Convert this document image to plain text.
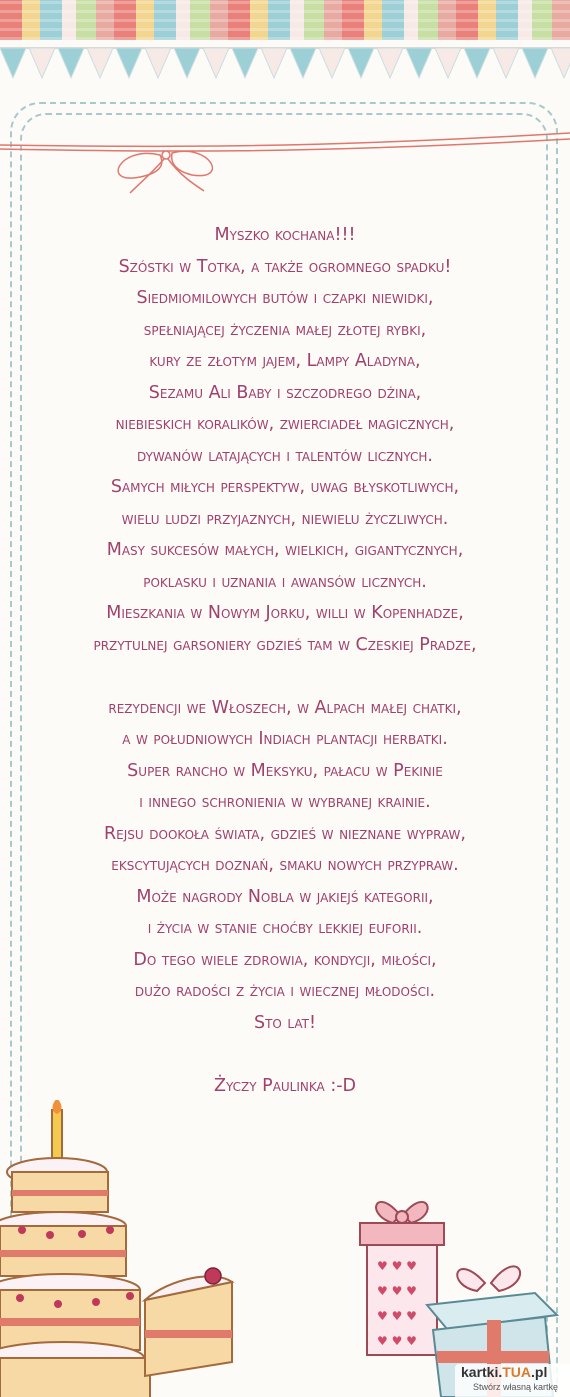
Myszko kochana!!!
Szóstki w Totka, a także ogromnego spadku!
Siedmiomilowych butów i czapki niewidki,
spełniającej życzenia małej złotej rybki,
kury ze złotym jajem, Lampy Aladyna,
Sezamu Ali Baby i szczodrego dżina,
niebieskich koralików, zwierciadeł magicznych,
dywanów latających i talentów licznych.
Samych miłych perspektyw, uwag błyskotliwych,
wielu ludzi przyjaznych, niewielu życzliwych.
Masy sukcesów małych, wielkich, gigantycznych,
poklasku i uznania i awansów licznych.
Mieszkania w Nowym Jorku, willi w Kopenhadze,
przytulnej garsoniery gdzieś tam w Czeskiej Pradze,
rezydencji we Włoszech, w Alpach małej chatki,
a w południowych Indiach plantacji herbatki.
Super rancho w Meksyku, pałacu w Pekinie
i innego schronienia w wybranej krainie.
Rejsu dookoła świata, gdzieś w nieznane wypraw,
ekscytujących doznań, smaku nowych przypraw.
Może nagrody Nobla w jakiejś kategorii,
i życia w stanie choćby lekkiej euforii.
Do tego wiele zdrowia, kondycji, miłości,
dużo radości z życia i wiecznej młodości.
Sto lat!
Życzy Paulinka :-D
♥ ♥ ♥
♥ ♥ ♥
♥ ♥ ♥
♥ ♥ ♥
kartki.TUA.pl
Stwórz własną kartkę
